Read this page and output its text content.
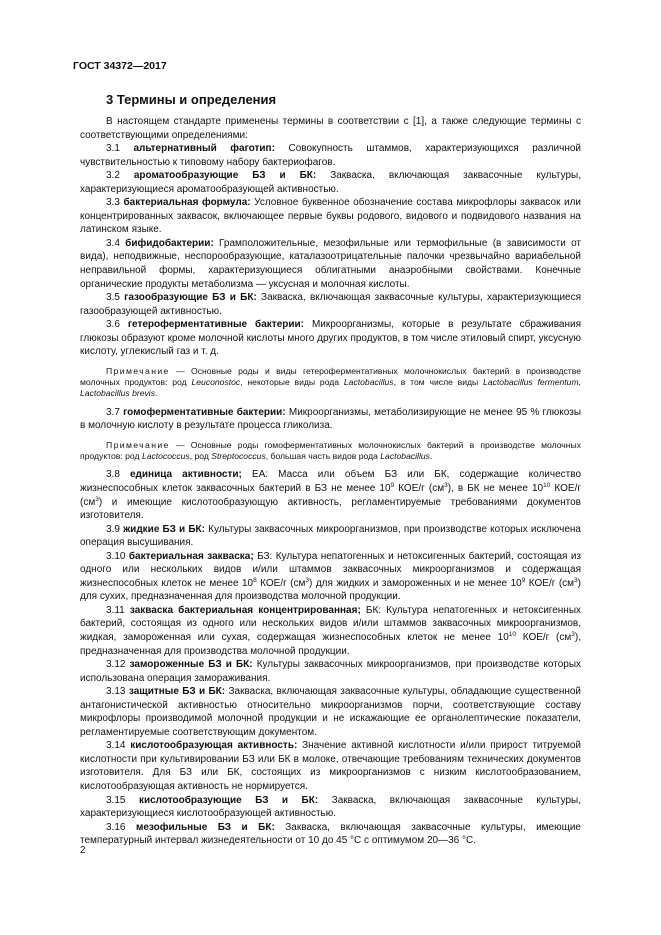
ГОСТ 34372—2017
3 Термины и определения

В настоящем стандарте применены термины в соответствии с [1], а также следующие термины с соответствующими определениями:

3.1 альтернативный фаготип: Совокупность штаммов, характеризующихся различной чувствительностью к типовому набору бактериофагов.

3.2 ароматообразующие БЗ и БК: Закваска, включающая заквасочные культуры, характеризующиеся ароматообразующей активностью.

3.3 бактериальная формула: Условное буквенное обозначение состава микрофлоры заквасок или концентрированных заквасок, включающее первые буквы родового, видового и подвидового названия на латинском языке.

3.4 бифидобактерии: Грамположительные, мезофильные или термофильные (в зависимости от вида), неподвижные, неспорообразующие, каталазоотрицательные палочки чрезвычайно вариабельной неправильной формы, характеризующиеся облигатными анаэробными свойствами. Конечные органические продукты метаболизма — уксусная и молочная кислоты.

3.5 газообразующие БЗ и БК: Закваска, включающая заквасочные культуры, характеризующиеся газообразующей активностью.

3.6 гетероферментативные бактерии: Микроорганизмы, которые в результате сбраживания глюкозы образуют кроме молочной кислоты много других продуктов, в том числе этиловый спирт, уксусную кислоту, углекислый газ и т. д.

Примечание — Основные роды и виды гетероферментативных молочнокислых бактерий в производстве молочных продуктов: род Leuconostoc, некоторые виды рода Lactobacillus, в том числе виды Lactobacillus fermentum, Lactobacillus brevis.

3.7 гомоферментативные бактерии: Микроорганизмы, метаболизирующие не менее 95 % глюкозы в молочную кислоту в результате процесса гликолиза.

Примечание — Основные роды гомоферментативных молочнокислых бактерий в производстве молочных продуктов: род Lactococcus, род Streptococcus, большая часть видов рода Lactobacillus.

3.8 единица активности; ЕА: Масса или объем БЗ или БК, содержащие количество жизнеспособных клеток заквасочных бактерий в БЗ не менее $10^9$ КОЕ/г $(см^3)$, в БК не менее $10^{10}$ КОЕ/г $(см^3)$ и имеющие кислотообразующую активность, регламентируемые требованиями документов изготовителя.

3.9 жидкие БЗ и БК: Культуры заквасочных микроорганизмов, при производстве которых исключена операция высушивания.

3.10 бактериальная закваска; БЗ: Культура непатогенных и нетоксигенных бактерий, состоящая из одного или нескольких видов и/или штаммов заквасочных микроорганизмов и содержащая жизнеспособных клеток не менее $10^8$ КОЕ/г $(см^3)$ для жидких и замороженных и не менее $10^9$ КОЕ/г $(см^3)$ для сухих, предназначенная для производства молочной продукции.

3.11 закваска бактериальная концентрированная; БК: Культура непатогенных и нетоксигенных бактерий, состоящая из одного или нескольких видов и/или штаммов заквасочных микроорганизмов, жидкая, замороженная или сухая, содержащая жизнеспособных клеток не менее $10^{10}$ КОЕ/г $(см^3)$, предназначенная для производства молочной продукции.

3.12 замороженные БЗ и БК: Культуры заквасочных микроорганизмов, при производстве которых использована операция замораживания.

3.13 защитные БЗ и БК: Закваска, включающая заквасочные культуры, обладающие существенной антагонистической активностью относительно микроорганизмов порчи, соответствующие составу микрофлоры производимой молочной продукции и не искажающие ее органолептические показатели, регламентируемые соответствующим документом.

3.14 кислотообразующая активность: Значение активной кислотности и/или прирост титруемой кислотности при культивировании БЗ или БК в молоке, отвечающие требованиям технических документов изготовителя. Для БЗ или БК, состоящих из микроорганизмов с низким кислотообразованием, кислотообразующая активность не нормируется.

3.15 кислотообразующие БЗ и БК: Закваска, включающая заквасочные культуры, характеризующиеся кислотообразующей активностью.

3.16 мезофильные БЗ и БК: Закваска, включающая заквасочные культуры, имеющие температурный интервал жизнедеятельности от 10 до 45 °С с оптимумом 20—36 °С.

2
